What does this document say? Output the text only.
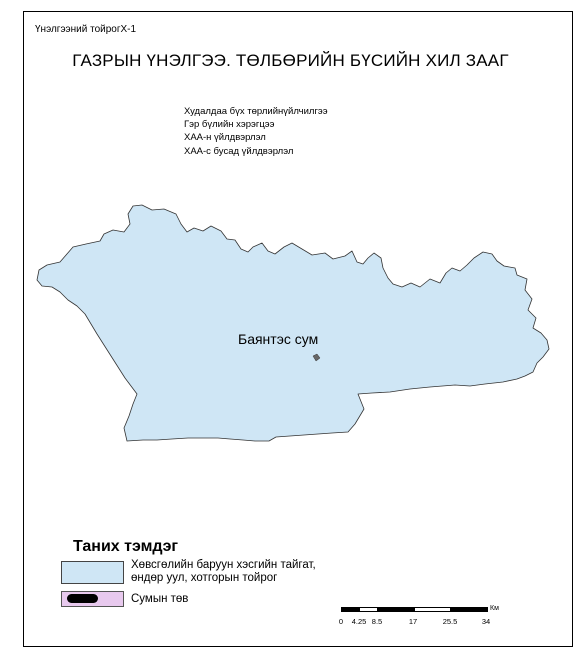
Үнэлгээний тойрогХ-1
ГАЗРЫН ҮНЭЛГЭЭ. ТӨЛБӨРИЙН БҮСИЙН ХИЛ ЗААГ
Худалдаа бүх төрлийнүйлчилгээ
Гэр бүлийн хэрэгцээ
ХАА-н үйлдвэрлэл
ХАА-с бусад үйлдвэрлэл
Баянтэс сум
Таних тэмдэг
Хөвсгөлийн баруун хэсгийн тайгат,
өндөр уул, хотгорын тойрог
Сумын төв
0 4.25 8.5	17	25.5	34
Км
